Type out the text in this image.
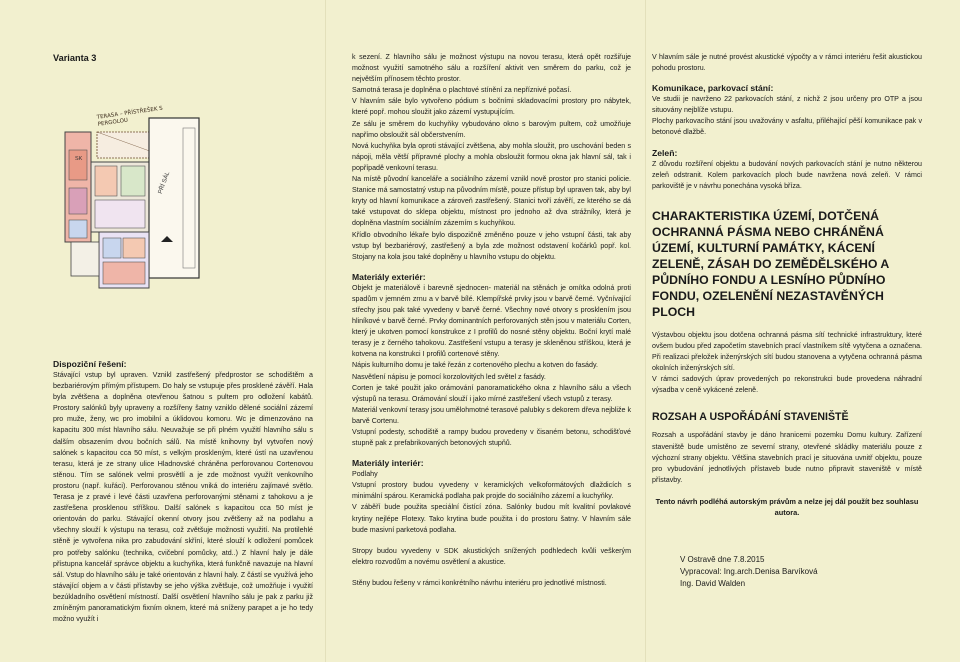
Varianta 3

TERASA – PŘÍSTŘEŠEK S PERGOLOU
PŘÍ SÁL
SK

Dispoziční řešení:

Stávající vstup byl upraven. Vznikl zastřešený předprostor se schodištěm a bezbariérovým přímým přístupem. Do haly se vstupuje přes prosklené závěří. Hala byla zvětšena a doplněna otevřenou šatnou s pultem pro odložení kabátů. Prostory salónků byly upraveny a rozšířeny šatny vzniklo dělené sociální zázemí pro muže, ženy, wc pro imobilní a úklidovou komoru. Wc je dimenzováno na kapacitu 300 míst hlavního sálu. Neuvažuje se při plném využití hlavního sálu s dalším obsazením dvou bočních sálů. Na místě knihovny byl vytvořen nový salónek s kapacitou cca 50 míst, s velkým proskleným, které ústí na uzavřenou terasu, která je ze strany ulice Hladnovské chráněna perforovanou Cortenovou stěnou. Tím se salónek velmi prosvětlí a je zde možnost využít venkovního prostoru (např. kuřáci). Perforovanou stěnou vniká do interiéru zajímavé světlo. Terasa je z pravé i levé části uzavřena perforovanými stěnami z tahokovu a je zastřešena prosklenou stříškou. Další salónek s kapacitou cca 50 míst je orientován do parku. Stávající okenní otvory jsou zvětšeny až na podlahu a všechny slouží k výstupu na terasu, což zvětšuje možnosti využití. Na protilehlé stěně je vytvořena nika pro zabudování skříní, které slouží k odložení pomůcek pro potřeby salónku (technika, cvičební pomůcky, atd..) Z hlavní haly je dále přístupna kancelář správce objektu a kuchyňka, která funkčně navazuje na hlavní sál. Vstup do hlavního sálu je také orientován z hlavní haly. Z částí se využívá jeho stávající objem a v části přístavby se jeho výška zvětšuje, což umožňuje i využití bezúkladního osvětlení místností. Další osvětlení hlavního sálu je pak z parku již zmíněným panoramatickým fixním oknem, které má sníženy parapet a je ho tedy možno využít i

k sezení. Z hlavního sálu je možnost výstupu na novou terasu, která opět rozšiřuje možnost využití samotného sálu a rozšíření aktivit ven směrem do parku, což je největším přínosem těchto prostor.

Samotná terasa je doplněna o plachtové stínění za nepříznivé počasí.

V hlavním sále bylo vytvořeno pódium s bočními skladovacími prostory pro nábytek, které popř. mohou sloužit jako zázemí vystupujícím.

Ze sálu je směrem do kuchyňky vybudováno okno s barovým pultem, což umožňuje napřímo obsloužit sál občerstvením.

Nová kuchyňka byla oproti stávající zvětšena, aby mohla sloužit, pro uschování beden s nápoji, měla větší přípravné plochy a mohla obsloužit formou okna jak hlavní sál, tak i popřípadě venkovní terasu.

Na místě původní kanceláře a sociálního zázemí vznikl nově prostor pro stanici policie. Stanice má samostatný vstup na původním místě, pouze přístup byl upraven tak, aby byl kryty od hlavní komunikace a zároveň zastřešený. Stanici tvoří závěří, ze kterého se dá také vstupovat do sklepa objektu, místnost pro jednoho až dva strážníky, která je doplněna vlastním sociálním zázemím s kuchyňkou.

Křídlo obvodního lékaře bylo dispozičně změněno pouze v jeho vstupní části, tak aby vstup byl bezbariérový, zastřešený a byla zde možnost odstavení kočárků popř. kol. Stojany na kola jsou také doplněny u hlavního vstupu do objektu.

Materiály exteriér:

Objekt je materiálově i barevně sjednocen- materiál na stěnách je omítka odolná proti spadům v jemném zrnu a v barvě bílé. Klempířské prvky jsou v barvě černé. Vyčnívající střechy jsou pak také vyvedeny v barvě černé. Všechny nové otvory s prosklením jsou hliníkové v barvě černé. Prvky dominantních perforovaných stěn jsou v materiálu Corten, který je ukotven pomocí konstrukce z I profilů do nosné stěny objektu. Boční krytí malé terasy je z černého tahokovu. Zastřešení vstupu a terasy je skleněnou stříškou, která je kotvena na konstrukci I profilů cortenové stěny.

Nápis kulturního domu je také řezán z cortenového plechu a kotven do fasády.

Nasvětlení nápisu je pomocí korzolovitých led světel z fasády.

Corten je také použit jako orámování panoramatického okna z hlavního sálu a všech výstupů na terasu. Orámování slouží i jako mírné zastřešení všech vstupů z terasy.

Materiál venkovní terasy jsou umělohmotné terasové palubky s dekorem dřeva nejbliže k barvě Cortenu.

Vstupní podesty, schodiště a rampy budou provedeny v čisaném betonu, schodišťové stupně pak z prefabrikovaných betonových stupňů.

Materiály interiér:

Podlahy

Vstupní prostory budou vyvedeny v keramických velkoformátových dlaždicích s minimální spárou. Keramická podlaha pak projde do sociálního zázemí a kuchyňky.

V záběří bude použita speciální čistící zóna. Salónky budou mít kvalitní povlakové krytiny nejlépe Flotexy. Tako krytina bude použita i do prostoru šatny. V hlavním sále bude masivní parketová podlaha.

Stropy budou vyvedeny v SDK akustických snížených podhledech kvůli veškerým elektro rozvodům a novému osvětlení a akustice.

Stěny budou řešeny v rámci konkrétního návrhu interiéru pro jednotlivé místnosti.

V hlavním sále je nutné provést akustické výpočty a v rámci interiéru řešit akustickou pohodu prostoru.

Komunikace, parkovací stání:

Ve studii je navrženo 22 parkovacích stání, z nichž 2 jsou určeny pro OTP a jsou situovány nejblíže vstupu.

Plochy parkovacího stání jsou uvažovány v asfaltu, přiléhající pěší komunikace pak v betonové dlažbě.

Zeleň:

Z důvodu rozšíření objektu a budování nových parkovacích stání je nutno některou zeleň odstranit. Kolem parkovacích ploch bude navržena nová zeleň. V rámci parkoviště je v návrhu ponechána vysoká bříza.

CHARAKTERISTIKA ÚZEMÍ, DOTČENÁ OCHRANNÁ PÁSMA NEBO CHRÁNĚNÁ ÚZEMÍ, KULTURNÍ PAMÁTKY, KÁCENÍ ZELENĚ, ZÁSAH DO ZEMĚDĚLSKÉHO A PŮDNÍHO FONDU A LESNÍHO PŮDNÍHO FONDU, OZELENĚNÍ NEZASTAVĚNÝCH PLOCH

Výstavbou objektu jsou dotčena ochranná pásma sítí technické infrastruktury, které ovšem budou před započetím stavebních prací vlastníkem sítě vytyčena a označena. Při realizaci přeložek inženýrských sítí budou stanovena a vytyčena ochranná pásma okolních inženýrských sítí.

V rámci sadových úprav provedených po rekonstrukci bude provedena náhradní výsadba v ceně vykácené zeleně.

ROZSAH A USPOŘÁDÁNÍ STAVENIŠTĚ

Rozsah a uspořádání stavby je dáno hranicemi pozemku Domu kultury. Zařízení staveniště bude umístěno ze severní strany, otevřené skládky materiálu pouze z výchozní strany objektu. Většina stavebních prací je situována uvnitř objektu, pouze pro vybudování jednotlivých přístaveb bude nutno připravit staveniště v místě přístavby.

Tento návrh podléhá autorským právům a nelze jej dál použít bez souhlasu autora.

V Ostravě dne 7.8.2015

Vypracoval: Ing.arch.Denisa Barvíková

Ing. David Walden
